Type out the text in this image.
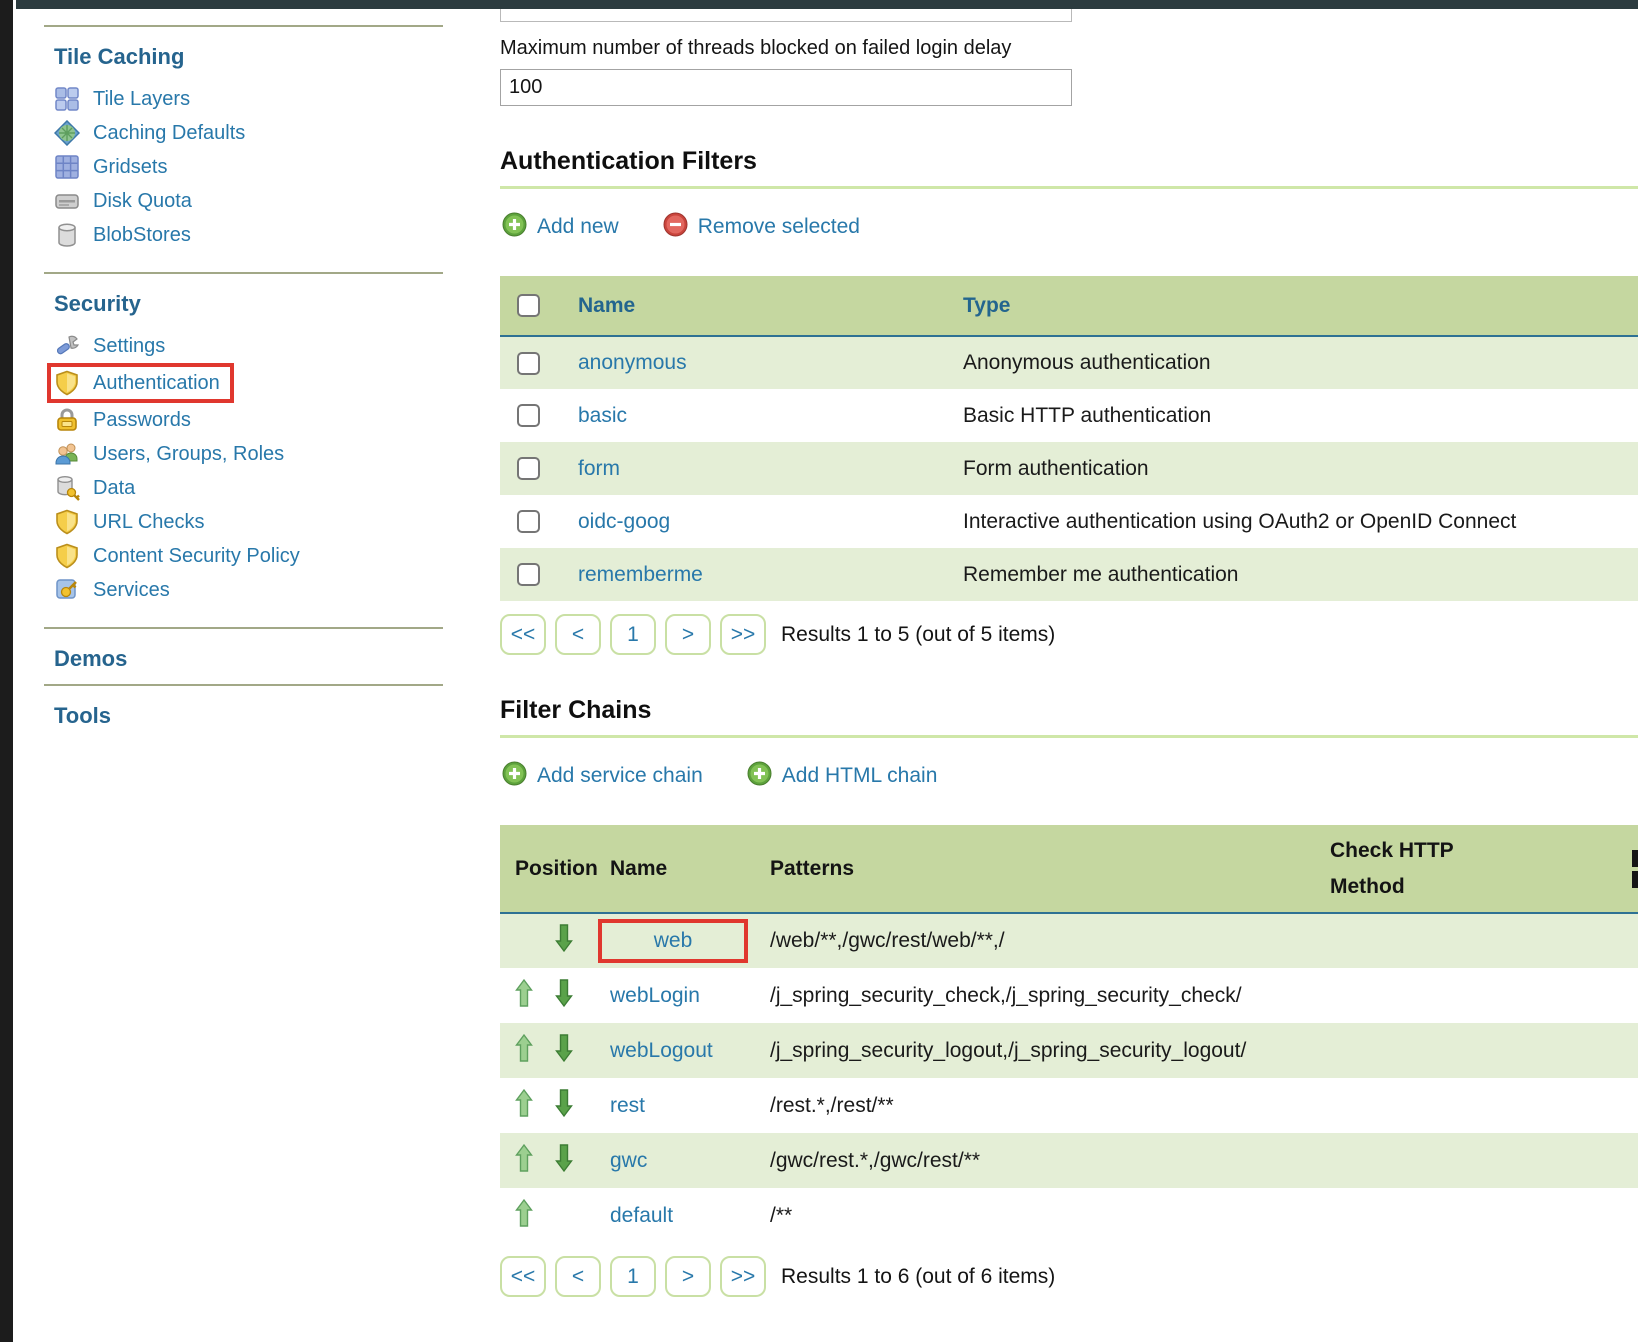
Tile Caching
Tile Layers
Caching Defaults
Gridsets
Disk Quota
BlobStores
Security
Settings
Authentication
Passwords
Users, Groups, Roles
Data
URL Checks
Content Security Policy
Services
Demos
Tools
Maximum number of threads blocked on failed login delay
100
Authentication Filters
Add new	Remove selected
	Name	Type
	anonymous	Anonymous authentication
	basic	Basic HTTP authentication
	form	Form authentication
	oidc-goog	Interactive authentication using OAuth2 or OpenID Connect
	rememberme	Remember me authentication
<<	<	1	>	>>	Results 1 to 5 (out of 5 items)
Filter Chains
Add service chain	Add HTML chain
Position	Name	Patterns	Check HTTP Method	

	web	/web/**,/gwc/rest/web/**,/		
	webLogin	/j_spring_security_check,/j_spring_security_check/		
	webLogout	/j_spring_security_logout,/j_spring_security_logout/		
	rest	/rest.*,/rest/**		
	gwc	/gwc/rest.*,/gwc/rest/**		
	default	/**		
<<	<	1	>	>>	Results 1 to 6 (out of 6 items)
